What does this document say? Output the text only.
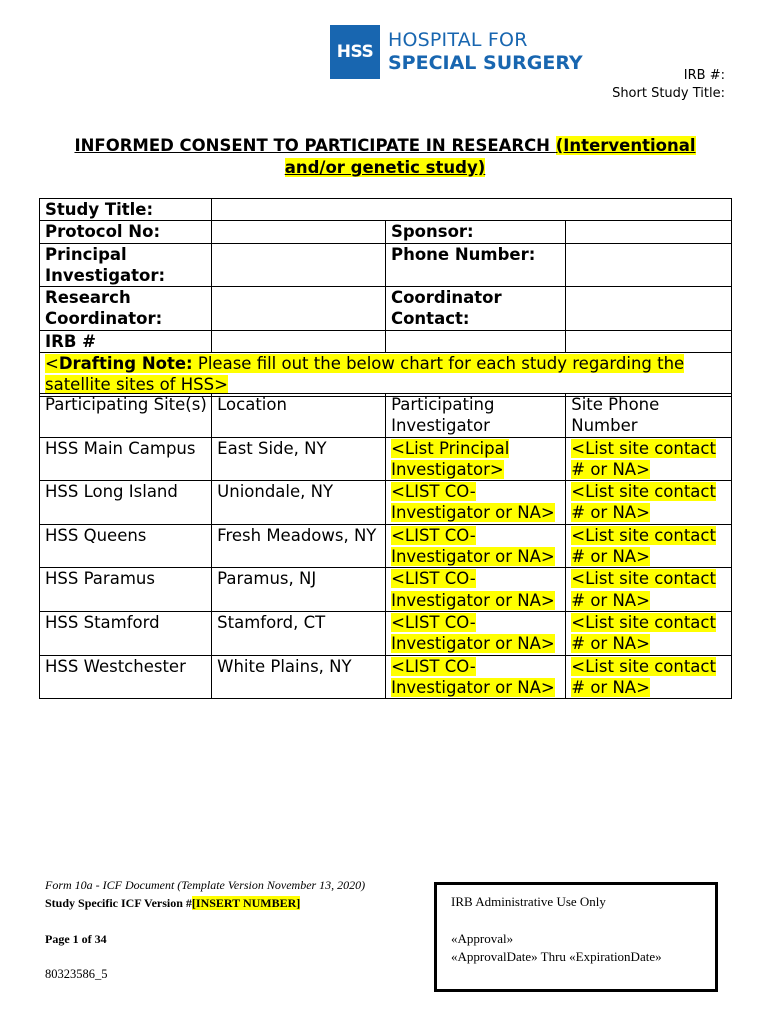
HSS
HOSPITAL FOR
SPECIAL SURGERY
IRB #:
Short Study Title:
INFORMED CONSENT TO PARTICIPATE IN RESEARCH (Interventional
and/or genetic study)
Study Title:			
Protocol No:		Sponsor:	
Principal Investigator:		Phone Number:	
Research Coordinator:		Coordinator Contact:	
IRB #			
<Drafting Note: Please fill out the below chart for each study regarding the satellite sites of HSS>			
Participating Site(s)	Location	Participating Investigator	Site Phone Number
HSS Main Campus	East Side, NY	<List Principal Investigator>	<List site contact # or NA>
HSS Long Island	Uniondale, NY	<LIST CO-Investigator or NA>	<List site contact # or NA>
HSS Queens	Fresh Meadows, NY	<LIST CO-Investigator or NA>	<List site contact # or NA>
HSS Paramus	Paramus, NJ	<LIST CO-Investigator or NA>	<List site contact # or NA>
HSS Stamford	Stamford, CT	<LIST CO-Investigator or NA>	<List site contact # or NA>
HSS Westchester	White Plains, NY	<LIST CO-Investigator or NA>	<List site contact # or NA>
Form 10a - ICF Document (Template Version November 13, 2020)
Study Specific ICF Version #[INSERT NUMBER]
Page 1 of 34
80323586_5
IRB Administrative Use Only
«Approval»
«ApprovalDate» Thru «ExpirationDate»
